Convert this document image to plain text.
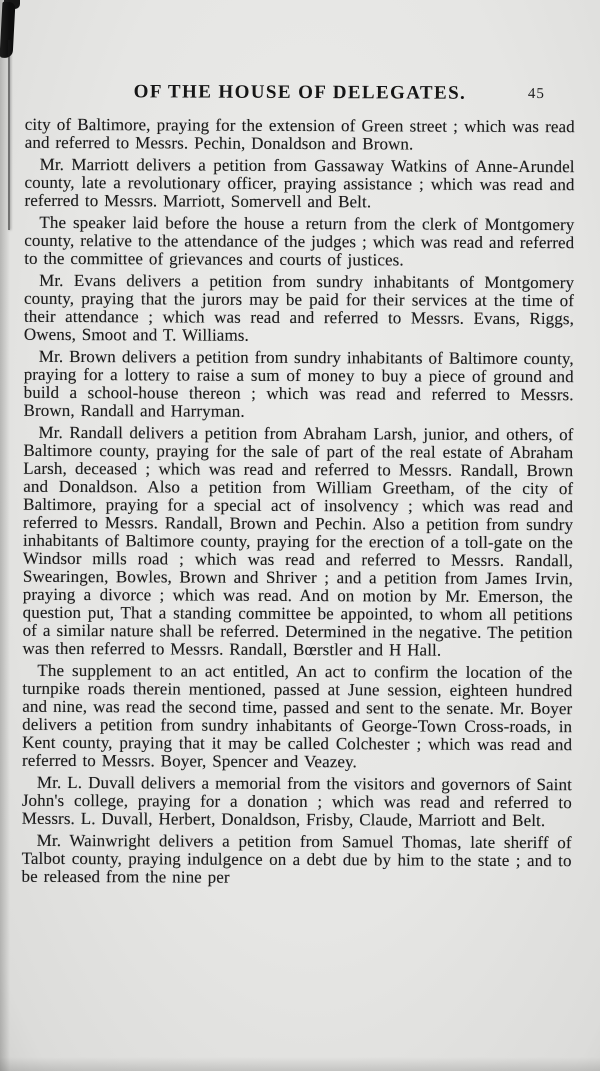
OF THE HOUSE OF DELEGATES.	45

city of Baltimore, praying for the extension of Green street ; which was read and referred to Messrs. Pechin, Donaldson and Brown.

Mr. Marriott delivers a petition from Gassaway Watkins of Anne-Arundel county, late a revolutionary officer, praying assistance ; which was read and referred to Messrs. Marriott, Somervell and Belt.

The speaker laid before the house a return from the clerk of Montgomery county, relative to the attendance of the judges ; which was read and referred to the committee of grievances and courts of justices.

Mr. Evans delivers a petition from sundry inhabitants of Montgomery county, praying that the jurors may be paid for their services at the time of their attendance ; which was read and referred to Messrs. Evans, Riggs, Owens, Smoot and T. Williams.

Mr. Brown delivers a petition from sundry inhabitants of Baltimore county, praying for a lottery to raise a sum of money to buy a piece of ground and build a school-house thereon ; which was read and referred to Messrs. Brown, Randall and Harryman.

Mr. Randall delivers a petition from Abraham Larsh, junior, and others, of Baltimore county, praying for the sale of part of the real estate of Abraham Larsh, deceased ; which was read and referred to Messrs. Randall, Brown and Donaldson. Also a petition from William Greetham, of the city of Baltimore, praying for a special act of insolvency ; which was read and referred to Messrs. Randall, Brown and Pechin. Also a petition from sundry inhabitants of Baltimore county, praying for the erection of a toll-gate on the Windsor mills road ; which was read and referred to Messrs. Randall, Swearingen, Bowles, Brown and Shriver ; and a petition from James Irvin, praying a divorce ; which was read. And on motion by Mr. Emerson, the question put, That a standing committee be appointed, to whom all petitions of a similar nature shall be referred. Determined in the negative. The petition was then referred to Messrs. Randall, Bœrstler and H Hall.

The supplement to an act entitled, An act to confirm the location of the turnpike roads therein mentioned, passed at June session, eighteen hundred and nine, was read the second time, passed and sent to the senate. Mr. Boyer delivers a petition from sundry inhabitants of George-Town Cross-roads, in Kent county, praying that it may be called Colchester ; which was read and referred to Messrs. Boyer, Spencer and Veazey.

Mr. L. Duvall delivers a memorial from the visitors and governors of Saint John's college, praying for a donation ; which was read and referred to Messrs. L. Duvall, Herbert, Donaldson, Frisby, Claude, Marriott and Belt.

Mr. Wainwright delivers a petition from Samuel Thomas, late sheriff of Talbot county, praying indulgence on a debt due by him to the state ; and to be released from the nine per
